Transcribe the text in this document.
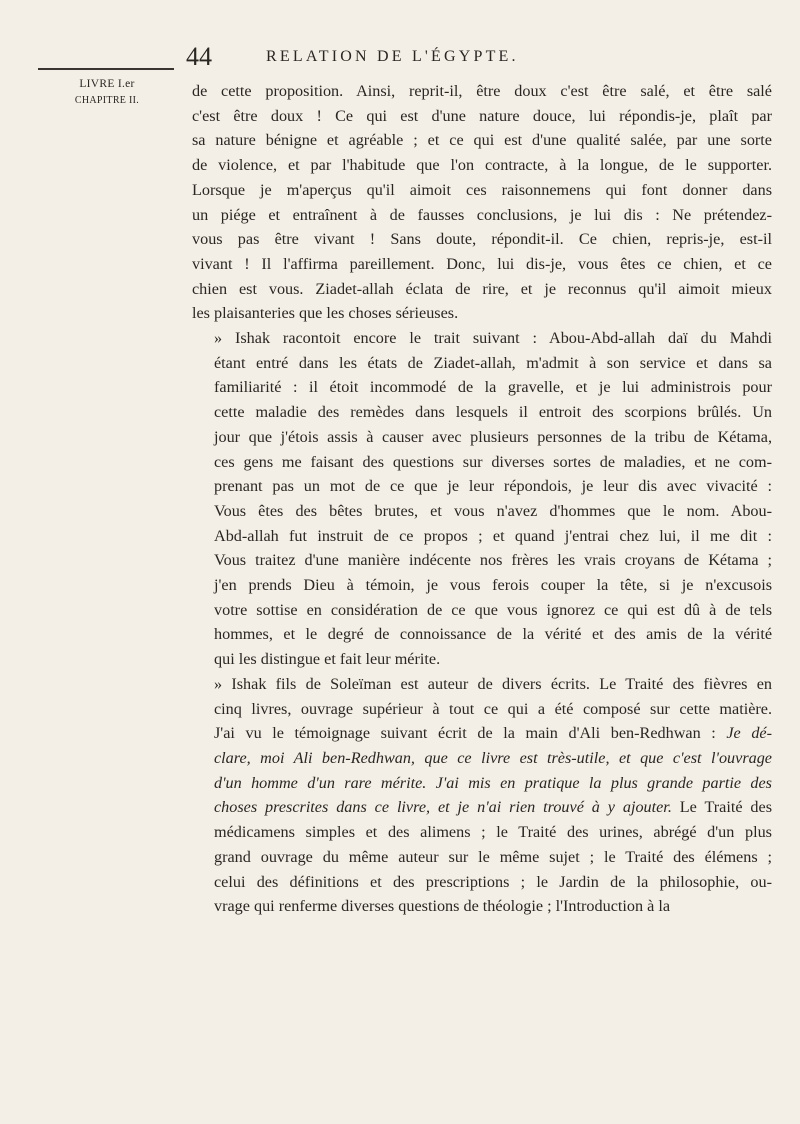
LIVRE I.er
CHAPITRE II.
44	RELATION DE L'ÉGYPTE.

de cette proposition. Ainsi, reprit-il, être doux c'est être salé, et être salé
c'est être doux ! Ce qui est d'une nature douce, lui répondis-je, plaît par
sa nature bénigne et agréable ; et ce qui est d'une qualité salée, par une sorte
de violence, et par l'habitude que l'on contracte, à la longue, de le supporter.
Lorsque je m'aperçus qu'il aimoit ces raisonnemens qui font donner dans
un piége et entraînent à de fausses conclusions, je lui dis : Ne prétendez-
vous pas être vivant ! Sans doute, répondit-il. Ce chien, repris-je, est-il
vivant ! Il l'affirma pareillement. Donc, lui dis-je, vous êtes ce chien, et ce
chien est vous. Ziadet-allah éclata de rire, et je reconnus qu'il aimoit mieux
les plaisanteries que les choses sérieuses.

» Ishak racontoit encore le trait suivant : Abou-Abd-allah daï du Mahdi
étant entré dans les états de Ziadet-allah, m'admit à son service et dans sa
familiarité : il étoit incommodé de la gravelle, et je lui administrois pour
cette maladie des remèdes dans lesquels il entroit des scorpions brûlés. Un
jour que j'étois assis à causer avec plusieurs personnes de la tribu de Kétama,
ces gens me faisant des questions sur diverses sortes de maladies, et ne com-
prenant pas un mot de ce que je leur répondois, je leur dis avec vivacité :
Vous êtes des bêtes brutes, et vous n'avez d'hommes que le nom. Abou-
Abd-allah fut instruit de ce propos ; et quand j'entrai chez lui, il me dit :
Vous traitez d'une manière indécente nos frères les vrais croyans de Kétama ;
j'en prends Dieu à témoin, je vous ferois couper la tête, si je n'excusois
votre sottise en considération de ce que vous ignorez ce qui est dû à de tels
hommes, et le degré de connoissance de la vérité et des amis de la vérité
qui les distingue et fait leur mérite.

» Ishak fils de Soleïman est auteur de divers écrits. Le Traité des fièvres en
cinq livres, ouvrage supérieur à tout ce qui a été composé sur cette matière.
J'ai vu le témoignage suivant écrit de la main d'Ali ben-Redhwan : Je dé-
clare, moi Ali ben-Redhwan, que ce livre est très-utile, et que c'est l'ouvrage
d'un homme d'un rare mérite. J'ai mis en pratique la plus grande partie des
choses prescrites dans ce livre, et je n'ai rien trouvé à y ajouter. Le Traité des
médicamens simples et des alimens ; le Traité des urines, abrégé d'un plus
grand ouvrage du même auteur sur le même sujet ; le Traité des élémens ;
celui des définitions et des prescriptions ; le Jardin de la philosophie, ou-
vrage qui renferme diverses questions de théologie ; l'Introduction à la
